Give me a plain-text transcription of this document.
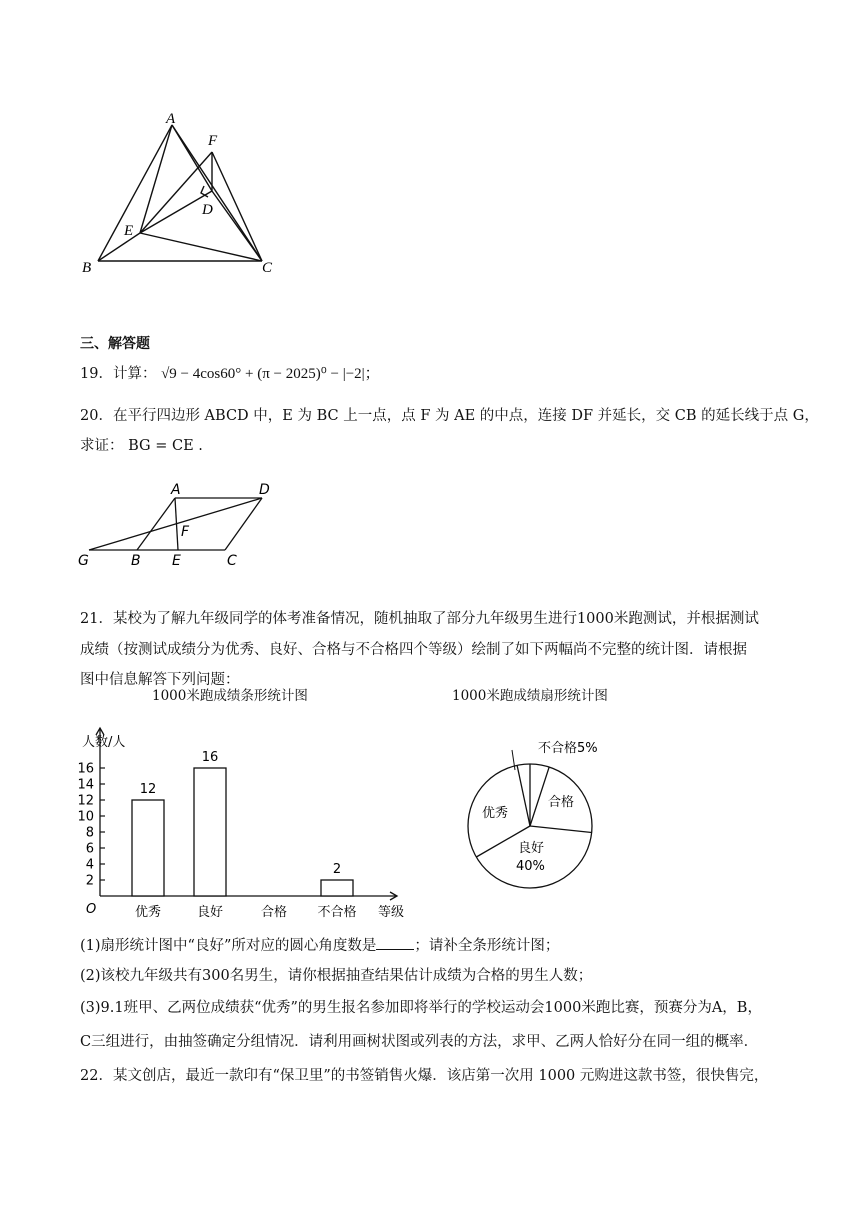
A
F
D
E
B	C
三、解答题
19．计算： √9 − 4cos60° + (π − 2025)⁰ − |−2|；
20．在平行四边形 ABCD 中，E 为 BC 上一点，点 F 为 AE 的中点，连接 DF 并延长，交 CB 的延长线于点 G，
求证： BG = CE .
A	D
F
G	B E	C
21．某校为了解九年级同学的体考准备情况，随机抽取了部分九年级男生进行1000米跑测试，并根据测试
成绩（按测试成绩分为优秀、良好、合格与不合格四个等级）绘制了如下两幅尚不完整的统计图．请根据
图中信息解答下列问题：
1000米跑成绩条形统计图
2
4
6
8
10
12
14
16
12
优秀
16
良好	合格
2
不合格
人数/人
O	等级
1000米跑成绩扇形统计图
不合格5%
合格
优秀
良好
40%
(1)扇形统计图中“良好”所对应的圆心角度数是	；请补全条形统计图；
(2)该校九年级共有300名男生，请你根据抽查结果估计成绩为合格的男生人数；
(3)9.1班甲、乙两位成绩获“优秀”的男生报名参加即将举行的学校运动会1000米跑比赛，预赛分为A，B，
C三组进行，由抽签确定分组情况．请利用画树状图或列表的方法，求甲、乙两人恰好分在同一组的概率．
22．某文创店，最近一款印有“保卫里”的书签销售火爆．该店第一次用 1000 元购进这款书签，很快售完，
